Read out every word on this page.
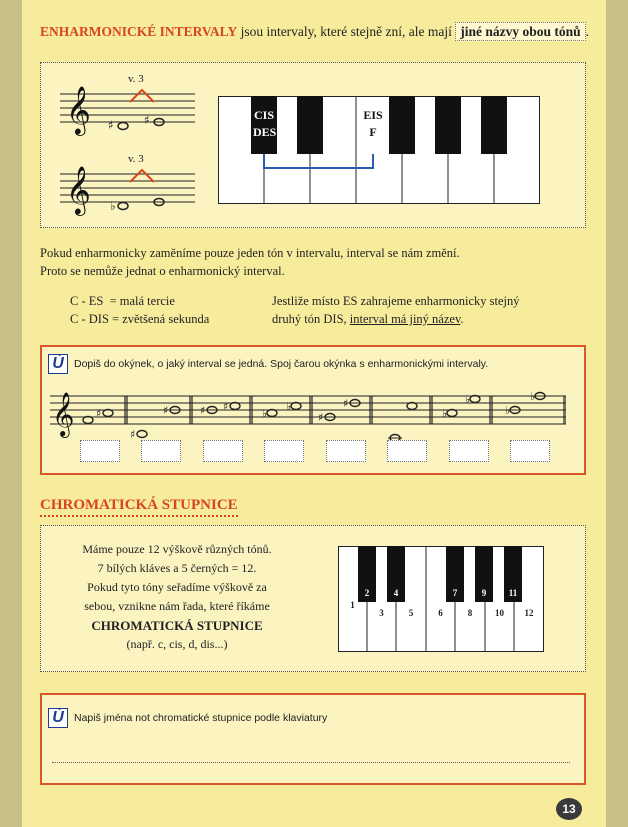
ENHARMONICKÉ INTERVALY jsou intervaly, které stejně zní, ale mají jiné názvy obou tónů .
𝄞 ♯	♯
v. 3
𝄞 ♭
v. 3
CIS
DES
EIS
F
Pokud enharmonicky zaměníme pouze jeden tón v intervalu, interval se nám změní.
Proto se nemůže jednat o enharmonický interval.
C - ES  = malá tercie
C - DIS = zvětšená sekunda
Jestliže místo ES zahrajeme enharmonicky stejný
druhý tón DIS, interval má jiný název.
Ú Dopiš do okýnek, o jaký interval se jedná. Spoj čarou okýnka s enharmonickými intervaly.
𝄞 ♯
♯
♯	♯ ♯
♭
♭
♯
♯
♭
♭
♭
♭
CHROMATICKÁ STUPNICE
Máme pouze 12 výškově různých tónů.
7 bílých kláves a 5 černých = 12.
Pokud tyto tóny seřadíme výškově za
sebou, vznikne nám řada, které říkáme
CHROMATICKÁ STUPNICE
(např. c, cis, d, dis...)
2	4	7	9	11
1
3	5	6	8	10	12
Ú Napiš jména not chromatické stupnice podle klaviatury
13
